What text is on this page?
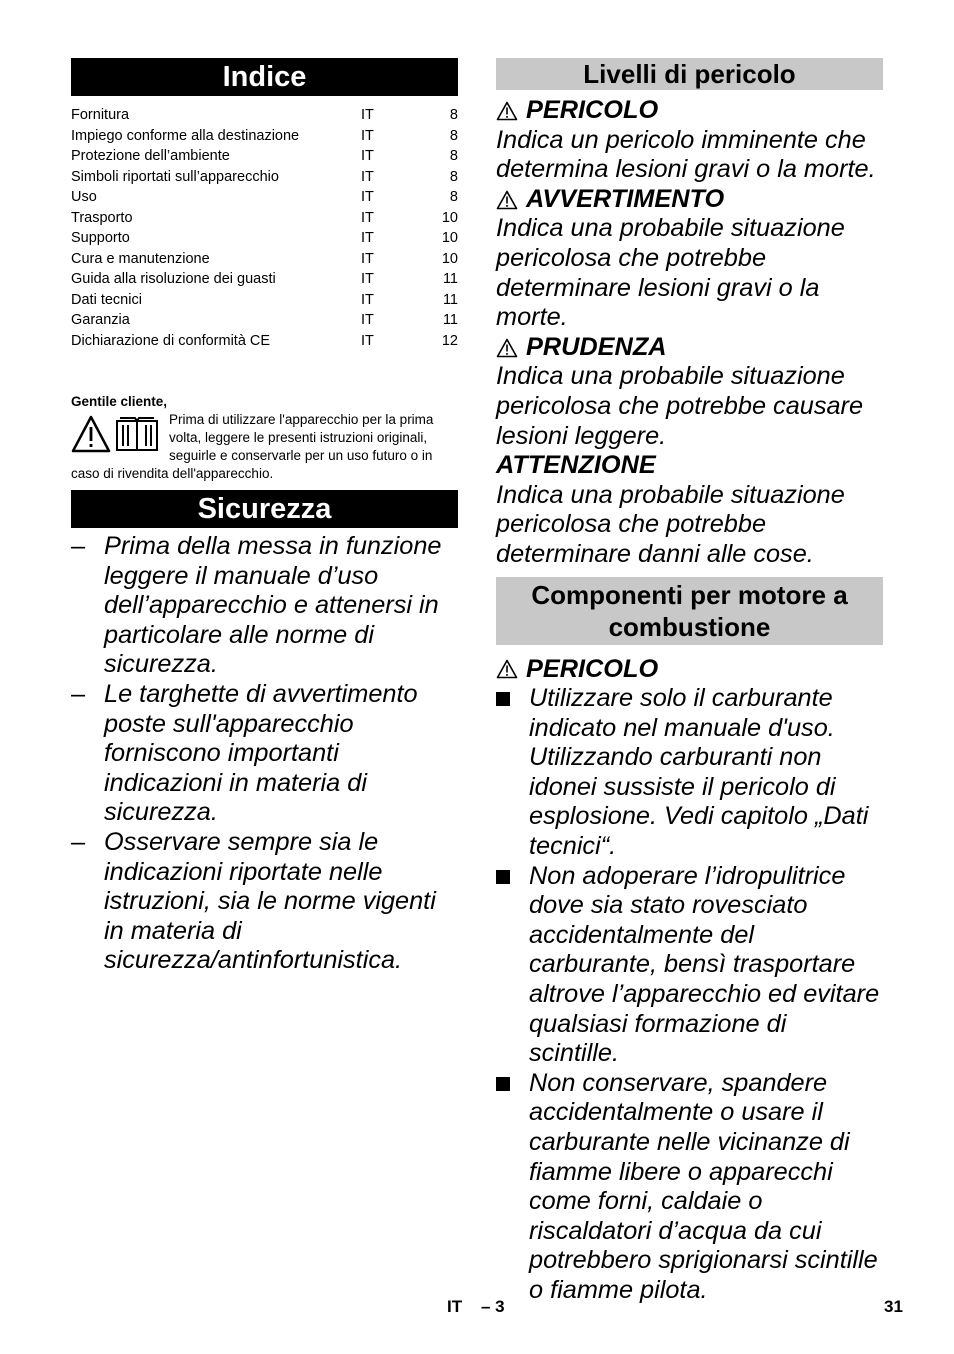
Indice
Fornitura	IT	8
Impiego conforme alla destinazione	IT	8
Protezione dell’ambiente	IT	8
Simboli riportati sull’apparecchio	IT	8
Uso	IT	8
Trasporto	IT	10
Supporto	IT	10
Cura e manutenzione	IT	10
Guida alla risoluzione dei guasti	IT	11
Dati tecnici	IT	11
Garanzia	IT	11
Dichiarazione di conformità CE	IT	12
Gentile cliente,
Prima di utilizzare l'apparecchio per la prima volta, leggere le presenti istruzioni originali, seguirle e conservarle per un uso futuro o in caso di rivendita dell'apparecchio.
Sicurezza
– Prima della messa in funzione leggere il manuale d’uso dell’apparecchio e attenersi in particolare alle norme di sicurezza.
– Le targhette di avvertimento poste sull'apparecchio forniscono importanti indicazioni in materia di sicurezza.
– Osservare sempre sia le indicazioni riportate nelle istruzioni, sia le norme vigenti in materia di sicurezza/antinfortunistica.
Livelli di pericolo
PERICOLO
Indica un pericolo imminente che determina lesioni gravi o la morte.
AVVERTIMENTO
Indica una probabile situazione pericolosa che potrebbe determinare lesioni gravi o la morte.
PRUDENZA
Indica una probabile situazione pericolosa che potrebbe causare lesioni leggere.
ATTENZIONE
Indica una probabile situazione pericolosa che potrebbe determinare danni alle cose.
Componenti per motore a combustione
PERICOLO
Utilizzare solo il carburante indicato nel manuale d'uso. Utilizzando carburanti non idonei sussiste il pericolo di esplosione. Vedi capitolo „Dati tecnici“.
Non adoperare l’idropulitrice dove sia stato rovesciato accidentalmente del carburante, bensì trasportare altrove l’apparecchio ed evitare qualsiasi formazione di scintille.
Non conservare, spandere accidentalmente o usare il carburante nelle vicinanze di fiamme libere o apparecchi come forni, caldaie o riscaldatori d’acqua da cui potrebbero sprigionarsi scintille o fiamme pilota.
IT – 3	31
